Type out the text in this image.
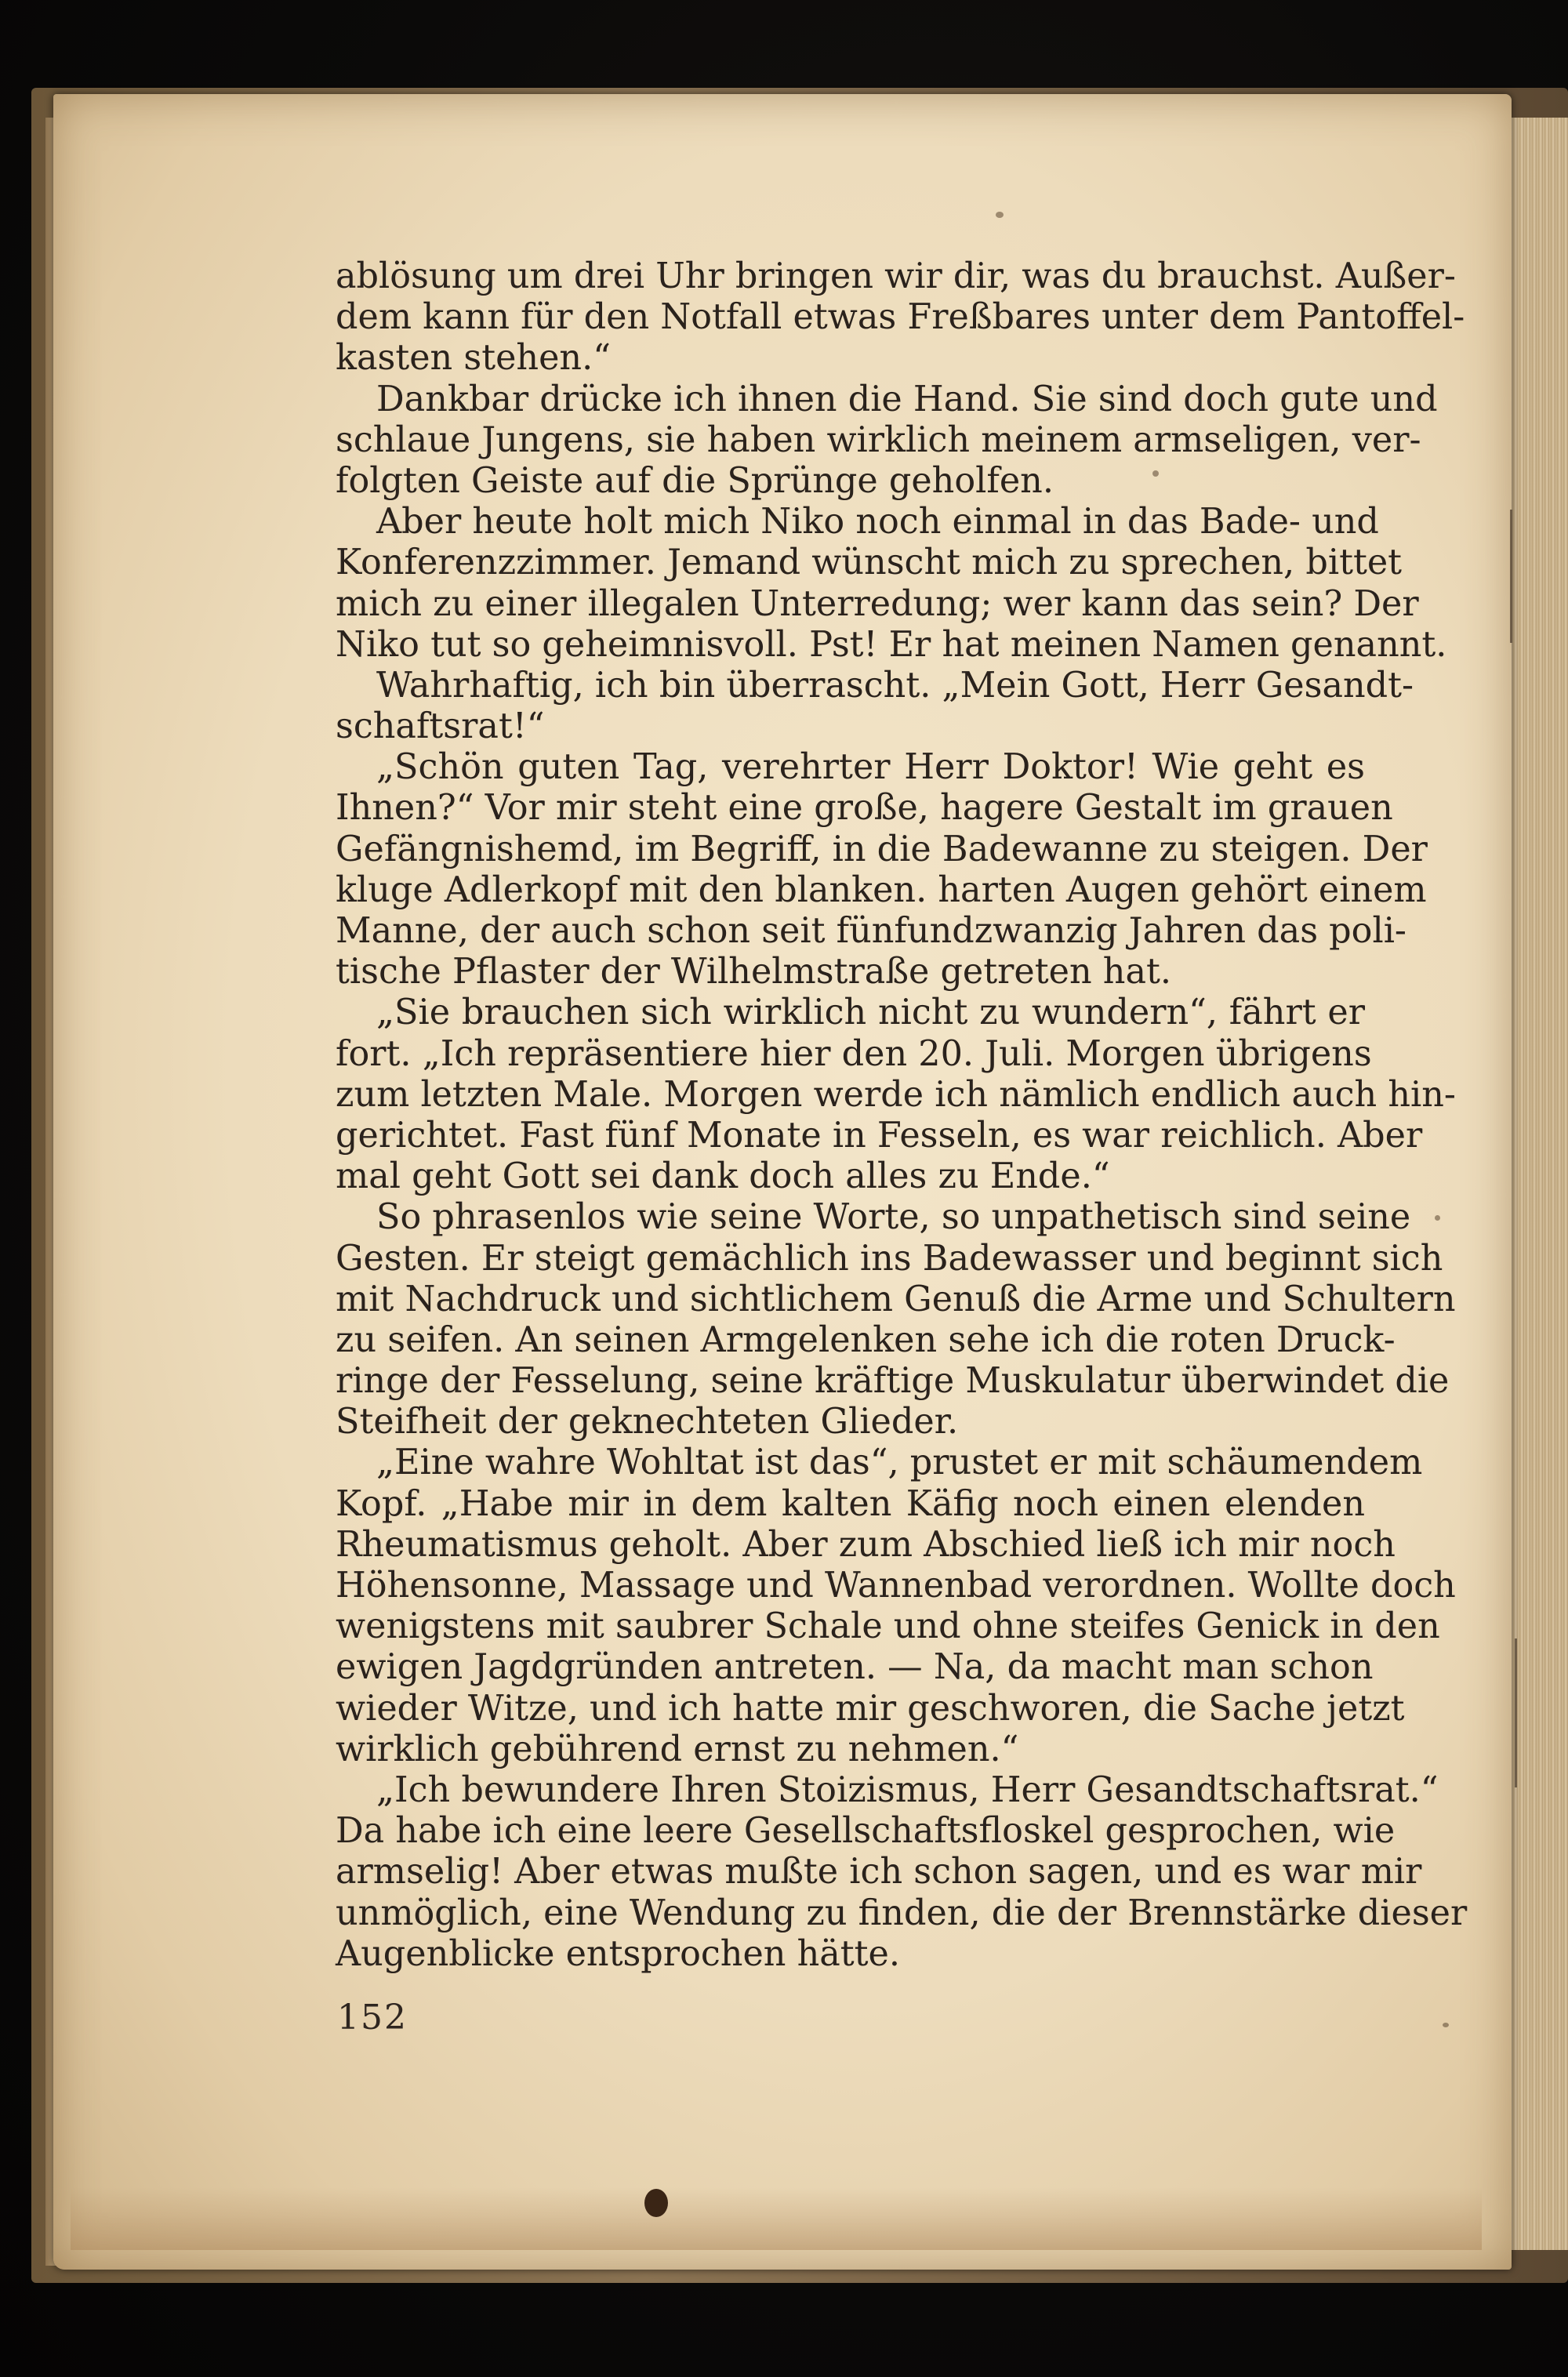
ablösung um drei Uhr bringen wir dir, was du brauchst. Außer-
dem kann für den Notfall etwas Freßbares unter dem Pantoffel-
kasten stehen.“
Dankbar drücke ich ihnen die Hand. Sie sind doch gute und
schlaue Jungens, sie haben wirklich meinem armseligen, ver-
folgten Geiste auf die Sprünge geholfen.
Aber heute holt mich Niko noch einmal in das Bade- und
Konferenzzimmer. Jemand wünscht mich zu sprechen, bittet
mich zu einer illegalen Unterredung; wer kann das sein? Der
Niko tut so geheimnisvoll. Pst! Er hat meinen Namen genannt.
Wahrhaftig, ich bin überrascht. „Mein Gott, Herr Gesandt-
schaftsrat!“
„Schön guten Tag, verehrter Herr Doktor! Wie geht es
Ihnen?“ Vor mir steht eine große, hagere Gestalt im grauen
Gefängnishemd, im Begriff, in die Badewanne zu steigen. Der
kluge Adlerkopf mit den blanken. harten Augen gehört einem
Manne, der auch schon seit fünfundzwanzig Jahren das poli-
tische Pflaster der Wilhelmstraße getreten hat.
„Sie brauchen sich wirklich nicht zu wundern“, fährt er
fort. „Ich repräsentiere hier den 20. Juli. Morgen übrigens
zum letzten Male. Morgen werde ich nämlich endlich auch hin-
gerichtet. Fast fünf Monate in Fesseln, es war reichlich. Aber
mal geht Gott sei dank doch alles zu Ende.“
So phrasenlos wie seine Worte, so unpathetisch sind seine
Gesten. Er steigt gemächlich ins Badewasser und beginnt sich
mit Nachdruck und sichtlichem Genuß die Arme und Schultern
zu seifen. An seinen Armgelenken sehe ich die roten Druck-
ringe der Fesselung, seine kräftige Muskulatur überwindet die
Steifheit der geknechteten Glieder.
„Eine wahre Wohltat ist das“, prustet er mit schäumendem
Kopf. „Habe mir in dem kalten Käfig noch einen elenden
Rheumatismus geholt. Aber zum Abschied ließ ich mir noch
Höhensonne, Massage und Wannenbad verordnen. Wollte doch
wenigstens mit saubrer Schale und ohne steifes Genick in den
ewigen Jagdgründen antreten. — Na, da macht man schon
wieder Witze, und ich hatte mir geschworen, die Sache jetzt
wirklich gebührend ernst zu nehmen.“
„Ich bewundere Ihren Stoizismus, Herr Gesandtschaftsrat.“
Da habe ich eine leere Gesellschaftsfloskel gesprochen, wie
armselig! Aber etwas mußte ich schon sagen, und es war mir
unmöglich, eine Wendung zu finden, die der Brennstärke dieser
Augenblicke entsprochen hätte.
152
